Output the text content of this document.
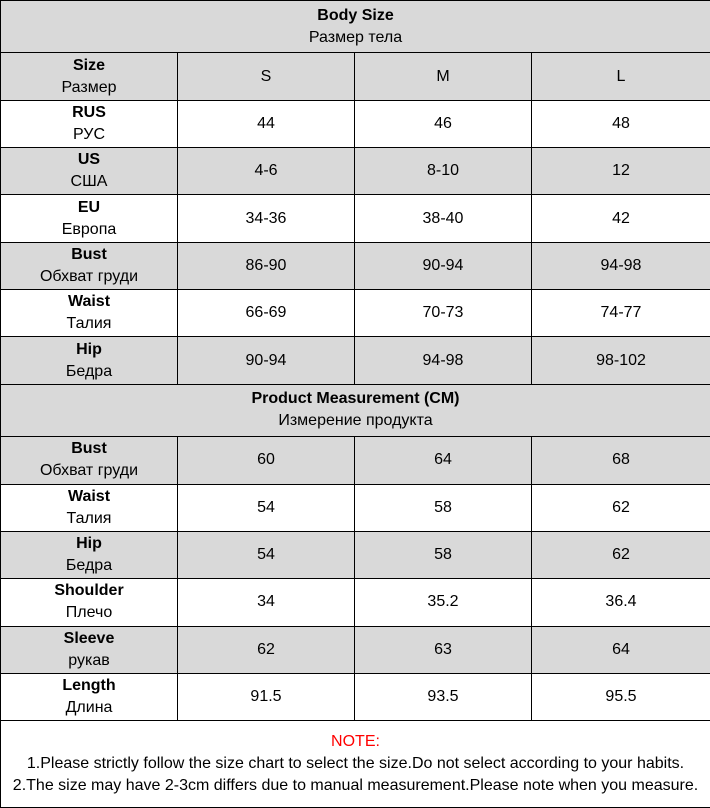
Body Size
Размер тела			

Size
Размер	S	M	L

RUS
РУС	44	46	48

US
США	4-6	8-10	12

EU
Европа	34-36	38-40	42

Bust
Обхват груди	86-90	90-94	94-98

Waist
Талия	66-69	70-73	74-77

Hip
Бедра	90-94	94-98	98-102

Product Measurement (CM)
Измерение продукта			

Bust
Обхват груди	60	64	68

Waist
Талия	54	58	62

Hip
Бедра	54	58	62

Shoulder
Плечо	34	35.2	36.4

Sleeve
рукав	62	63	64

Length
Длина	91.5	93.5	95.5

NOTE:
1.Please strictly follow the size chart to select the size.Do not select according to your habits.
2.The size may have 2-3cm differs due to manual measurement.Please note when you measure.			
